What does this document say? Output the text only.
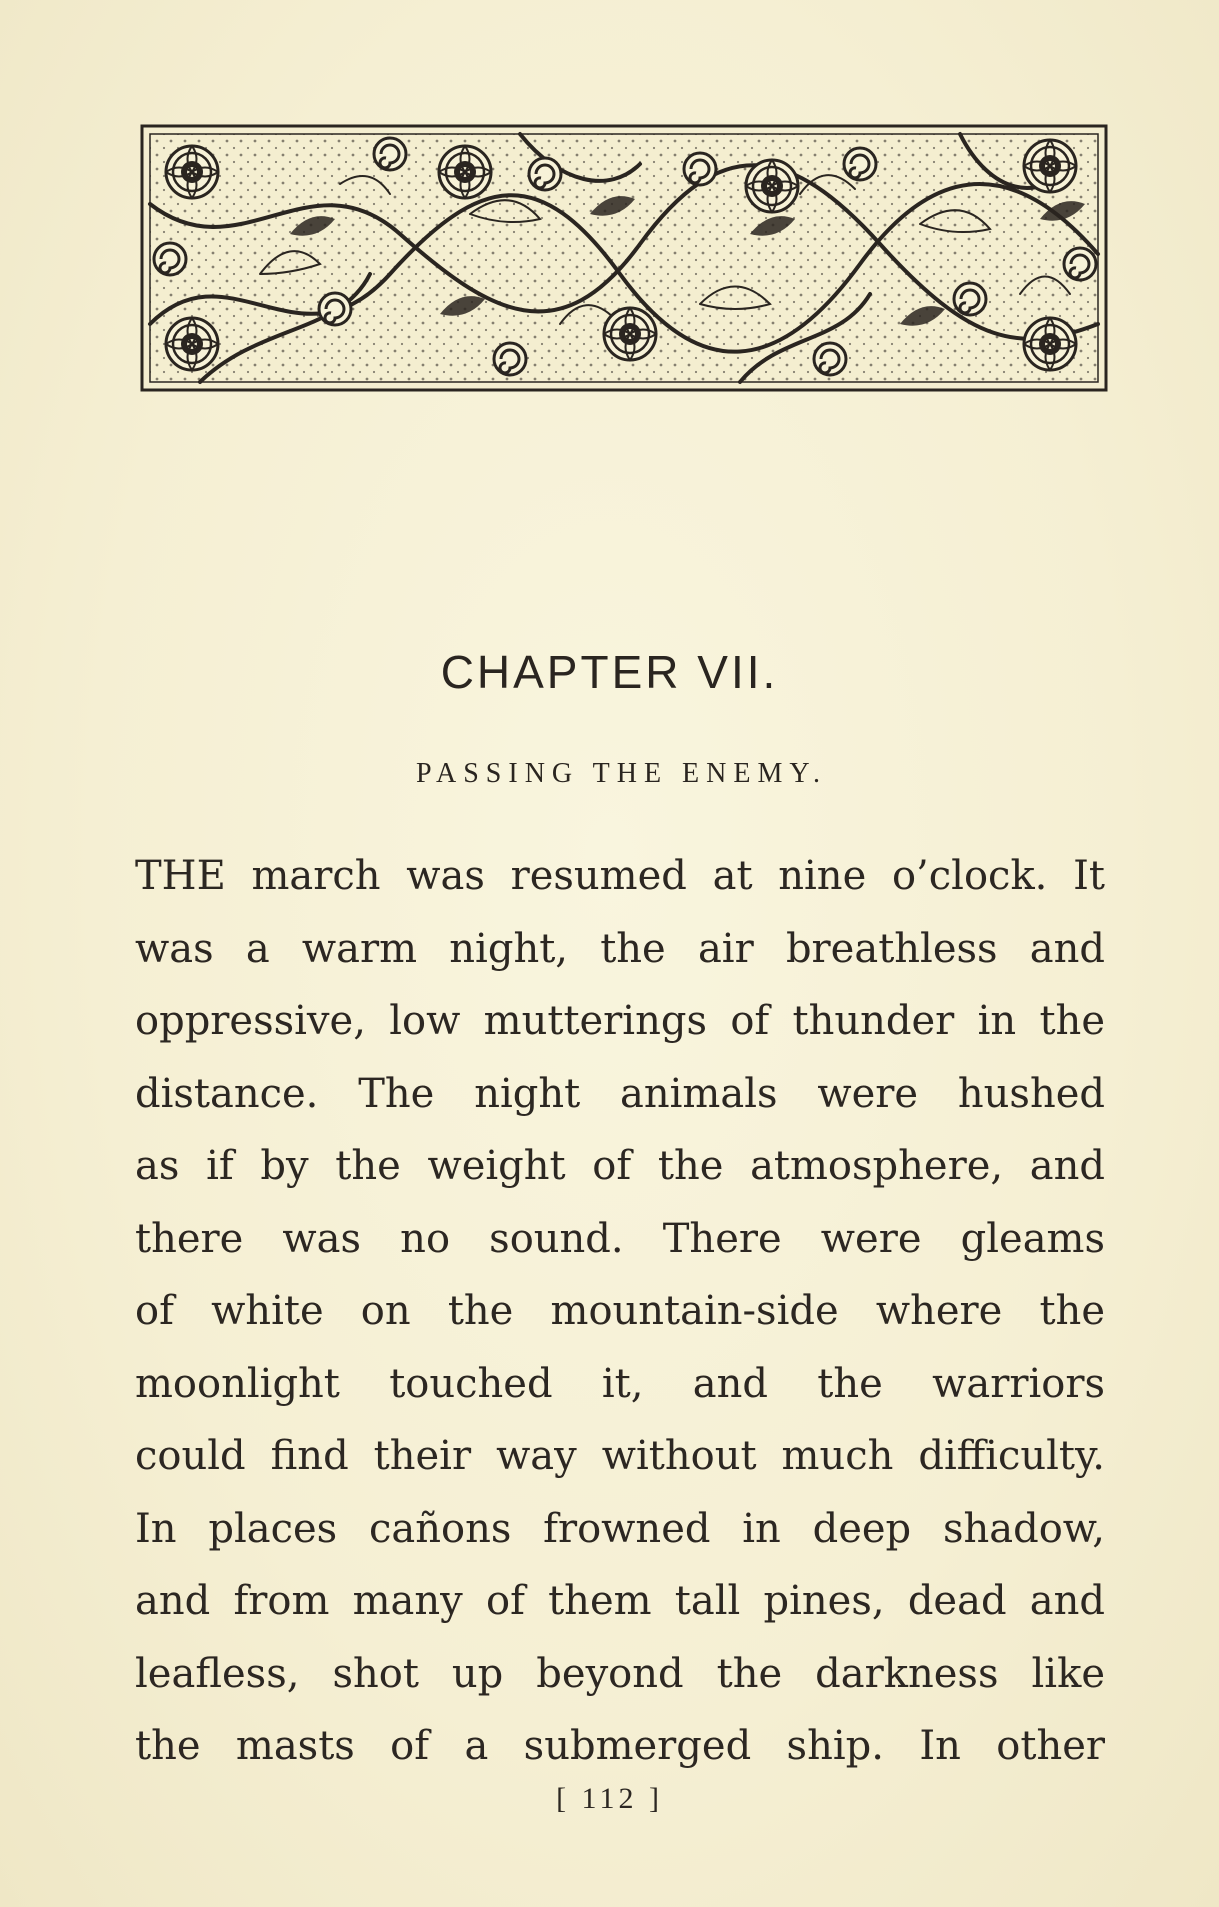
CHAPTER VII.
PASSING THE ENEMY.
THE march was resumed at nine o’clock. It
was a warm night, the air breathless and
oppressive, low mutterings of thunder in the
distance. The night animals were hushed
as if by the weight of the atmosphere, and
there was no sound. There were gleams
of white on the mountain-side where the
moonlight touched it, and the warriors
could find their way without much difficulty.
In places cañons frowned in deep shadow,
and from many of them tall pines, dead and
leafless, shot up beyond the darkness like
the masts of a submerged ship. In other
[ 112 ]
